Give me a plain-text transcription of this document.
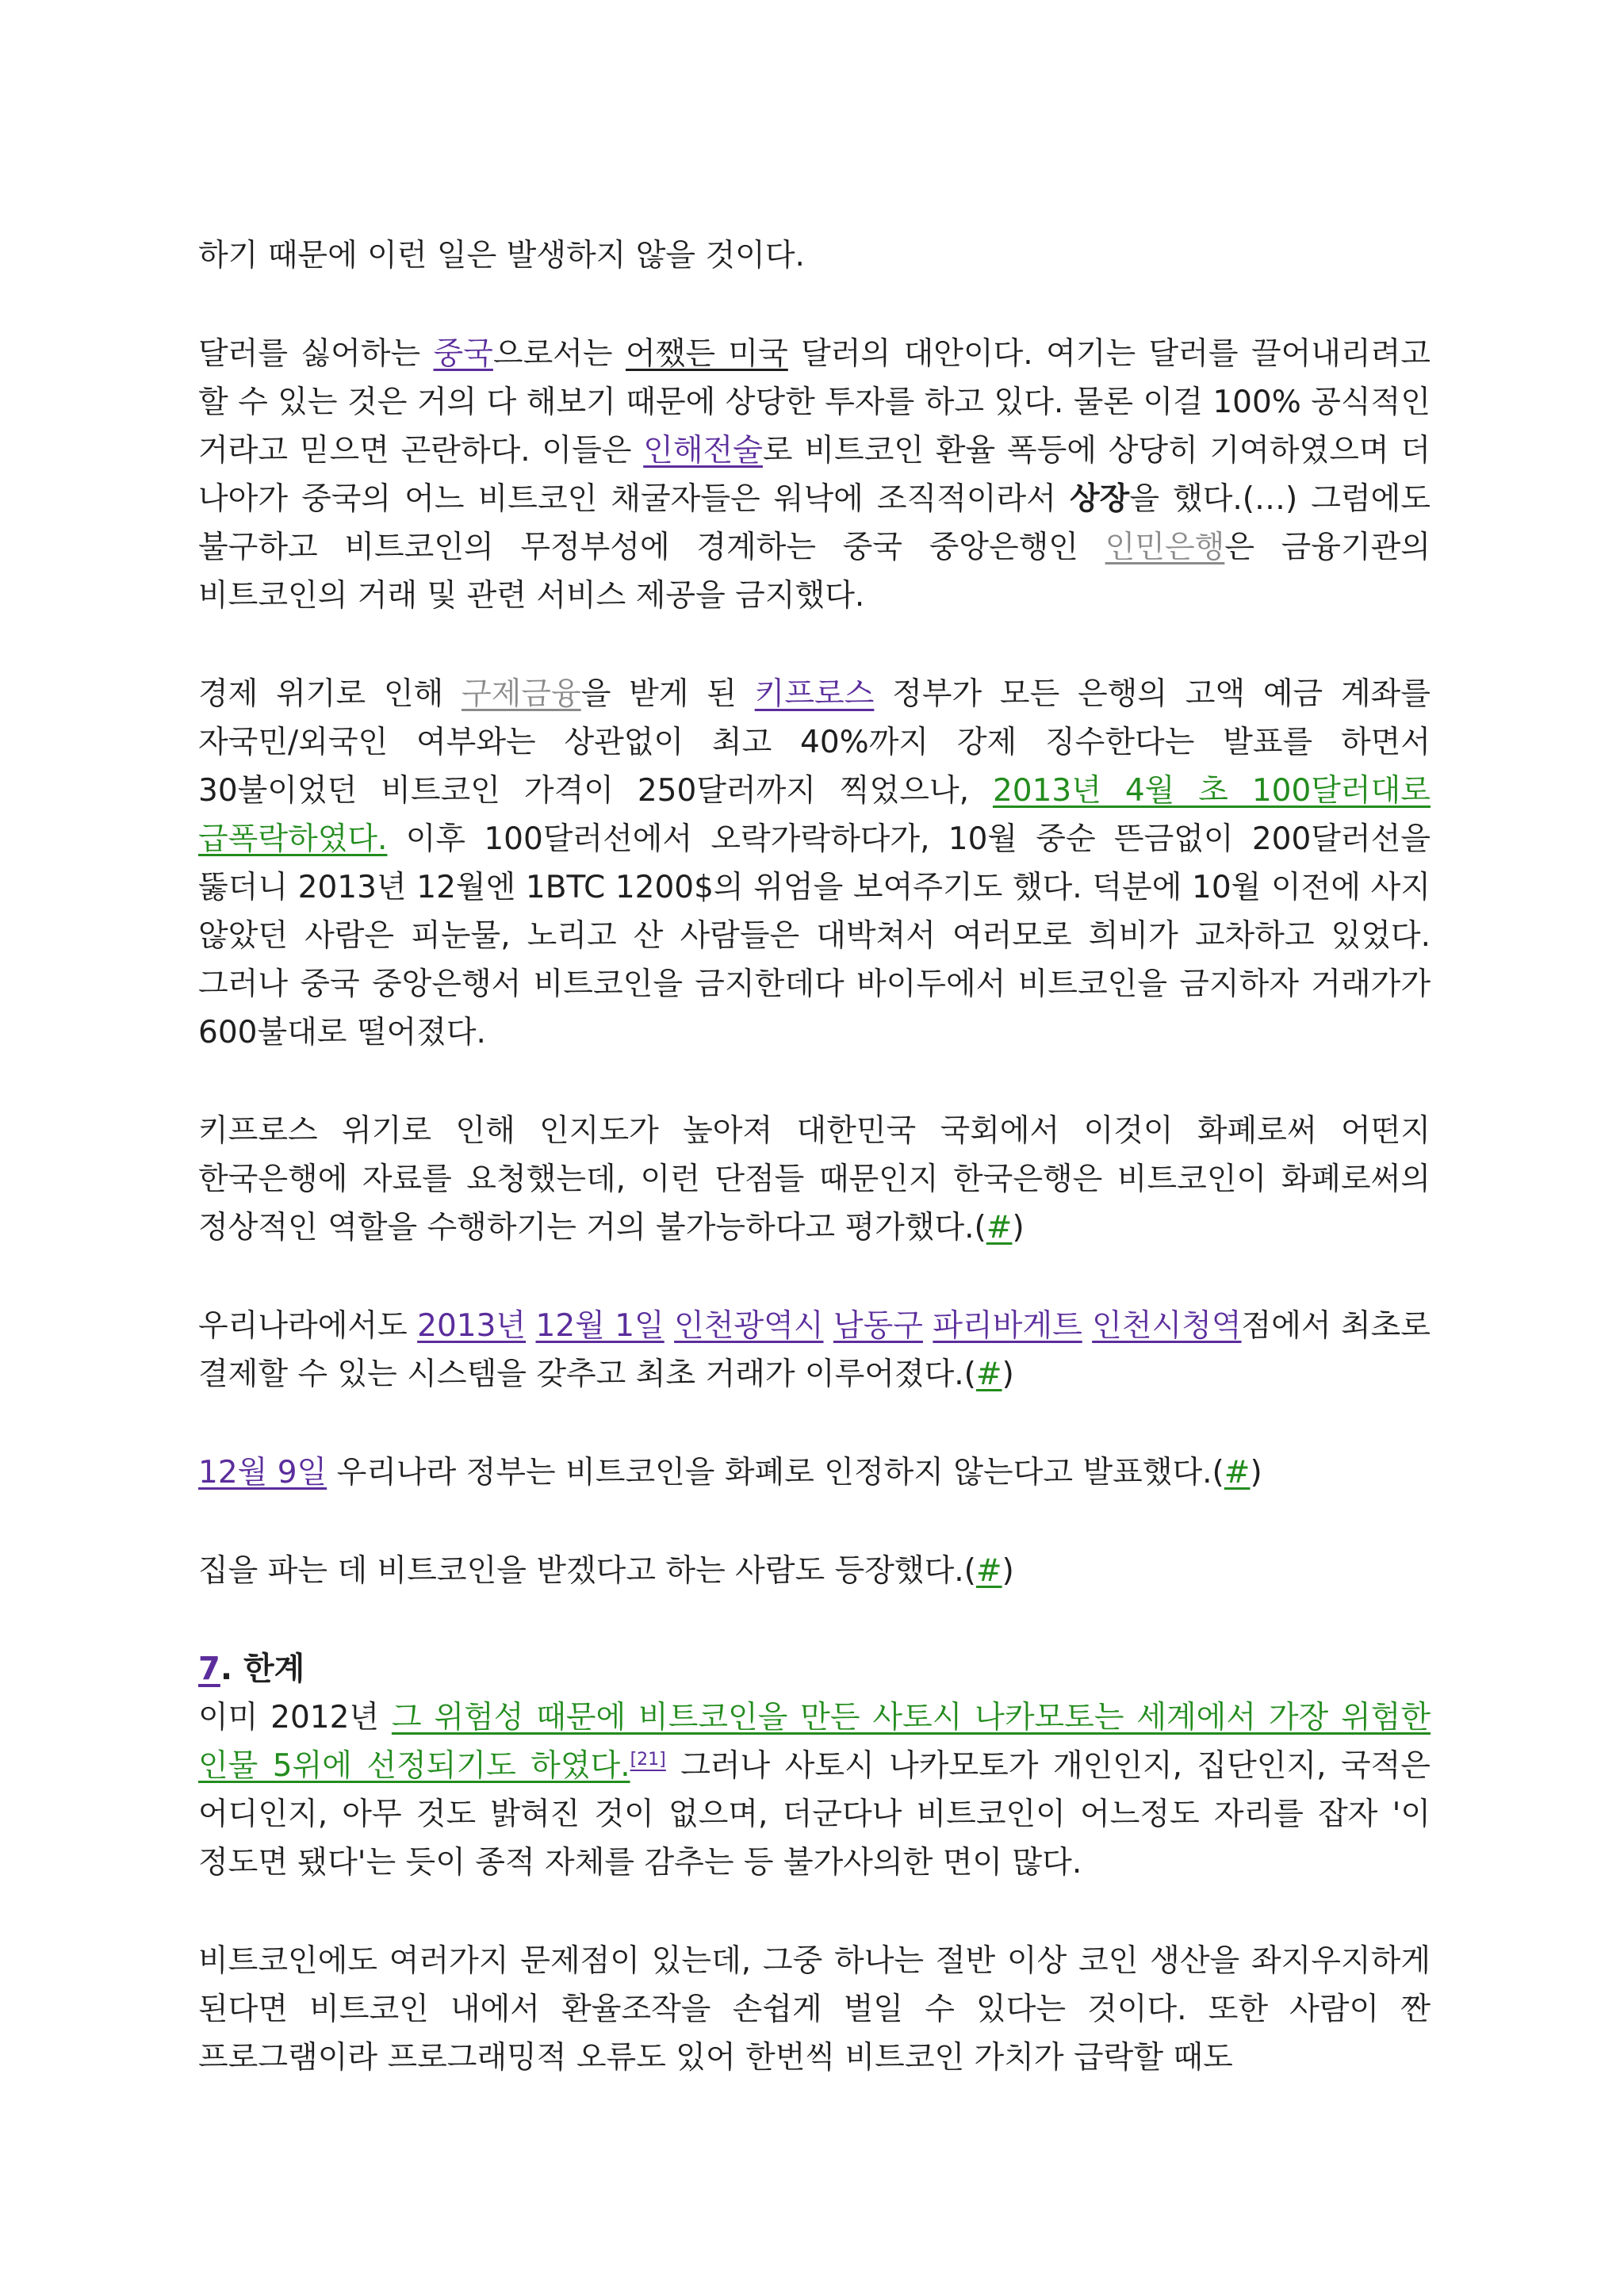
하기 때문에 이런 일은 발생하지 않을 것이다.

달러를 싫어하는 중국으로서는 어쨌든 미국 달러의 대안이다. 여기는 달러를 끌어내리려고 할 수 있는 것은 거의 다 해보기 때문에 상당한 투자를 하고 있다. 물론 이걸 100% 공식적인 거라고 믿으면 곤란하다. 이들은 인해전술로 비트코인 환율 폭등에 상당히 기여하였으며 더 나아가 중국의 어느 비트코인 채굴자들은 워낙에 조직적이라서 상장을 했다.(…) 그럼에도 불구하고 비트코인의 무정부성에 경계하는 중국 중앙은행인 인민은행은 금융기관의 비트코인의 거래 및 관련 서비스 제공을 금지했다.

경제 위기로 인해 구제금융을 받게 된 키프로스 정부가 모든 은행의 고액 예금 계좌를 자국민/외국인 여부와는 상관없이 최고 40%까지 강제 징수한다는 발표를 하면서 30불이었던 비트코인 가격이 250달러까지 찍었으나, 2013년 4월 초 100달러대로 급폭락하였다. 이후 100달러선에서 오락가락하다가, 10월 중순 뜬금없이 200달러선을 뚫더니 2013년 12월엔 1BTC 1200$의 위엄을 보여주기도 했다. 덕분에 10월 이전에 사지 않았던 사람은 피눈물, 노리고 산 사람들은 대박쳐서 여러모로 희비가 교차하고 있었다. 그러나 중국 중앙은행서 비트코인을 금지한데다 바이두에서 비트코인을 금지하자 거래가가 600불대로 떨어졌다.

키프로스 위기로 인해 인지도가 높아져 대한민국 국회에서 이것이 화폐로써 어떤지 한국은행에 자료를 요청했는데, 이런 단점들 때문인지 한국은행은 비트코인이 화폐로써의 정상적인 역할을 수행하기는 거의 불가능하다고 평가했다.(#)

우리나라에서도 2013년 12월 1일 인천광역시 남동구 파리바게트 인천시청역점에서 최초로 결제할 수 있는 시스템을 갖추고 최초 거래가 이루어졌다.(#)

12월 9일 우리나라 정부는 비트코인을 화폐로 인정하지 않는다고 발표했다.(#)

집을 파는 데 비트코인을 받겠다고 하는 사람도 등장했다.(#)

7. 한계

이미 2012년 그 위험성 때문에 비트코인을 만든 사토시 나카모토는 세계에서 가장 위험한 인물 5위에 선정되기도 하였다.[21] 그러나 사토시 나카모토가 개인인지, 집단인지, 국적은 어디인지, 아무 것도 밝혀진 것이 없으며, 더군다나 비트코인이 어느정도 자리를 잡자 '이 정도면 됐다'는 듯이 종적 자체를 감추는 등 불가사의한 면이 많다.

비트코인에도 여러가지 문제점이 있는데, 그중 하나는 절반 이상 코인 생산을 좌지우지하게 된다면 비트코인 내에서 환율조작을 손쉽게 벌일 수 있다는 것이다. 또한 사람이 짠 프로그램이라 프로그래밍적 오류도 있어 한번씩 비트코인 가치가 급락할 때도
